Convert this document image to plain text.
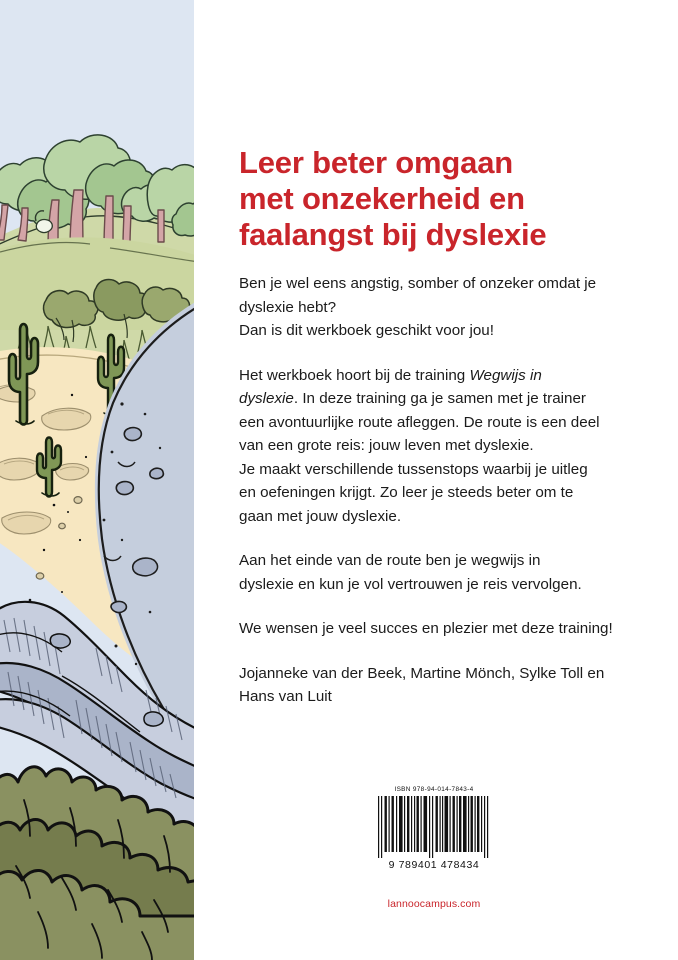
Leer beter omgaan
met onzekerheid en
faalangst bij dyslexie

Ben je wel eens angstig, somber of onzeker omdat je
dyslexie hebt?
Dan is dit werkboek geschikt voor jou!

Het werkboek hoort bij de training Wegwijs in
dyslexie. In deze training ga je samen met je trainer
een avontuurlijke route afleggen. De route is een deel
van een grote reis: jouw leven met dyslexie.
Je maakt verschillende tussenstops waarbij je uitleg
en oefeningen krijgt. Zo leer je steeds beter om te
gaan met jouw dyslexie.

Aan het einde van de route ben je wegwijs in
dyslexie en kun je vol vertrouwen je reis vervolgen.

We wensen je veel succes en plezier met deze training!

Jojanneke van der Beek, Martine Mönch, Sylke Toll en
Hans van Luit

ISBN 978-94-014-7843-4
9 789401 478434
lannoocampus.com
